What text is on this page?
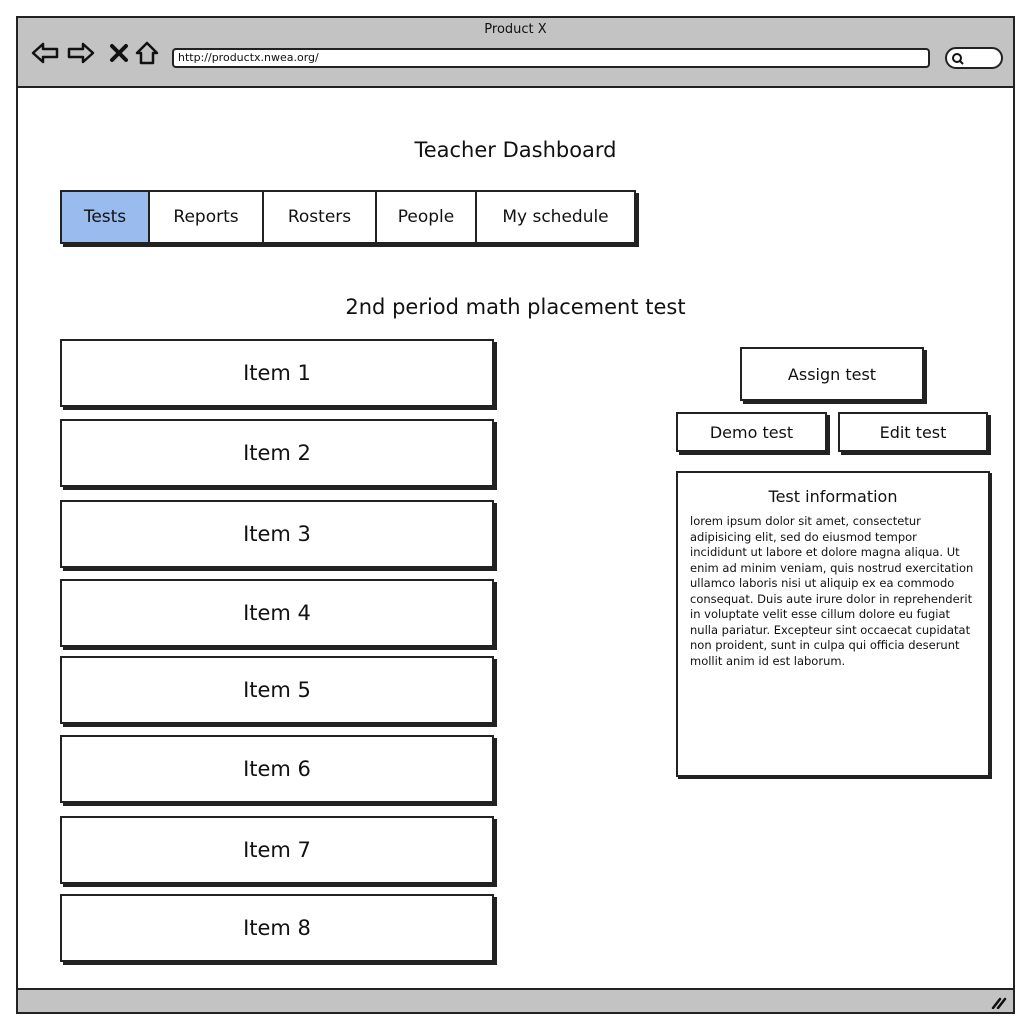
Product X
http://productx.nwea.org/
Teacher Dashboard
Tests	Reports	Rosters	People	My schedule
2nd period math placement test
Item 1
Item 2
Item 3
Item 4
Item 5
Item 6
Item 7
Item 8
Assign test
Demo test	Edit test
Test information
lorem ipsum dolor sit amet, consectetur adipisicing elit, sed do eiusmod tempor incididunt ut labore et dolore magna aliqua. Ut enim ad minim veniam, quis nostrud exercitation ullamco laboris nisi ut aliquip ex ea commodo consequat. Duis aute irure dolor in reprehenderit in voluptate velit esse cillum dolore eu fugiat nulla pariatur. Excepteur sint occaecat cupidatat non proident, sunt in culpa qui officia deserunt mollit anim id est laborum.
